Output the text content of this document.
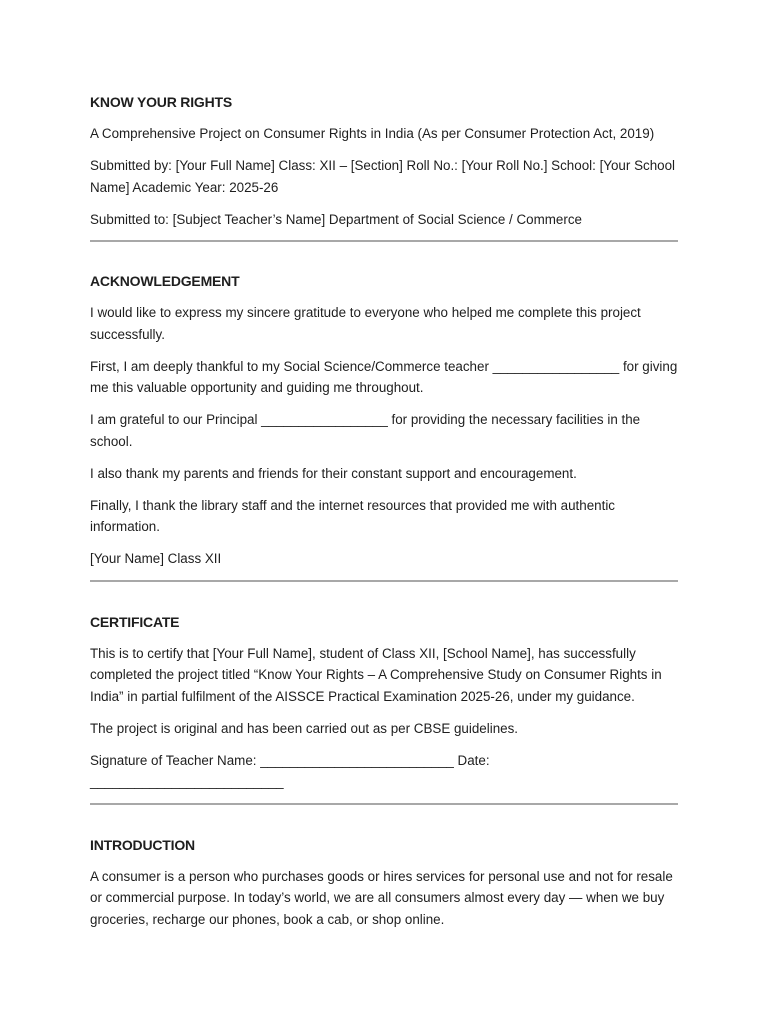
KNOW YOUR RIGHTS

A Comprehensive Project on Consumer Rights in India (As per Consumer Protection Act, 2019)

Submitted by: [Your Full Name] Class: XII – [Section] Roll No.: [Your Roll No.] School: [Your School Name] Academic Year: 2025-26

Submitted to: [Subject Teacher’s Name] Department of Social Science / Commerce

ACKNOWLEDGEMENT

I would like to express my sincere gratitude to everyone who helped me complete this project successfully.

First, I am deeply thankful to my Social Science/Commerce teacher _________________ for giving me this valuable opportunity and guiding me throughout.

I am grateful to our Principal _________________ for providing the necessary facilities in the school.

I also thank my parents and friends for their constant support and encouragement.

Finally, I thank the library staff and the internet resources that provided me with authentic information.

[Your Name] Class XII

CERTIFICATE

This is to certify that [Your Full Name], student of Class XII, [School Name], has successfully completed the project titled “Know Your Rights – A Comprehensive Study on Consumer Rights in India” in partial fulfilment of the AISSCE Practical Examination 2025-26, under my guidance.

The project is original and has been carried out as per CBSE guidelines.

Signature of Teacher Name: __________________________ Date: __________________________

INTRODUCTION

A consumer is a person who purchases goods or hires services for personal use and not for resale or commercial purpose. In today’s world, we are all consumers almost every day — when we buy groceries, recharge our phones, book a cab, or shop online.
